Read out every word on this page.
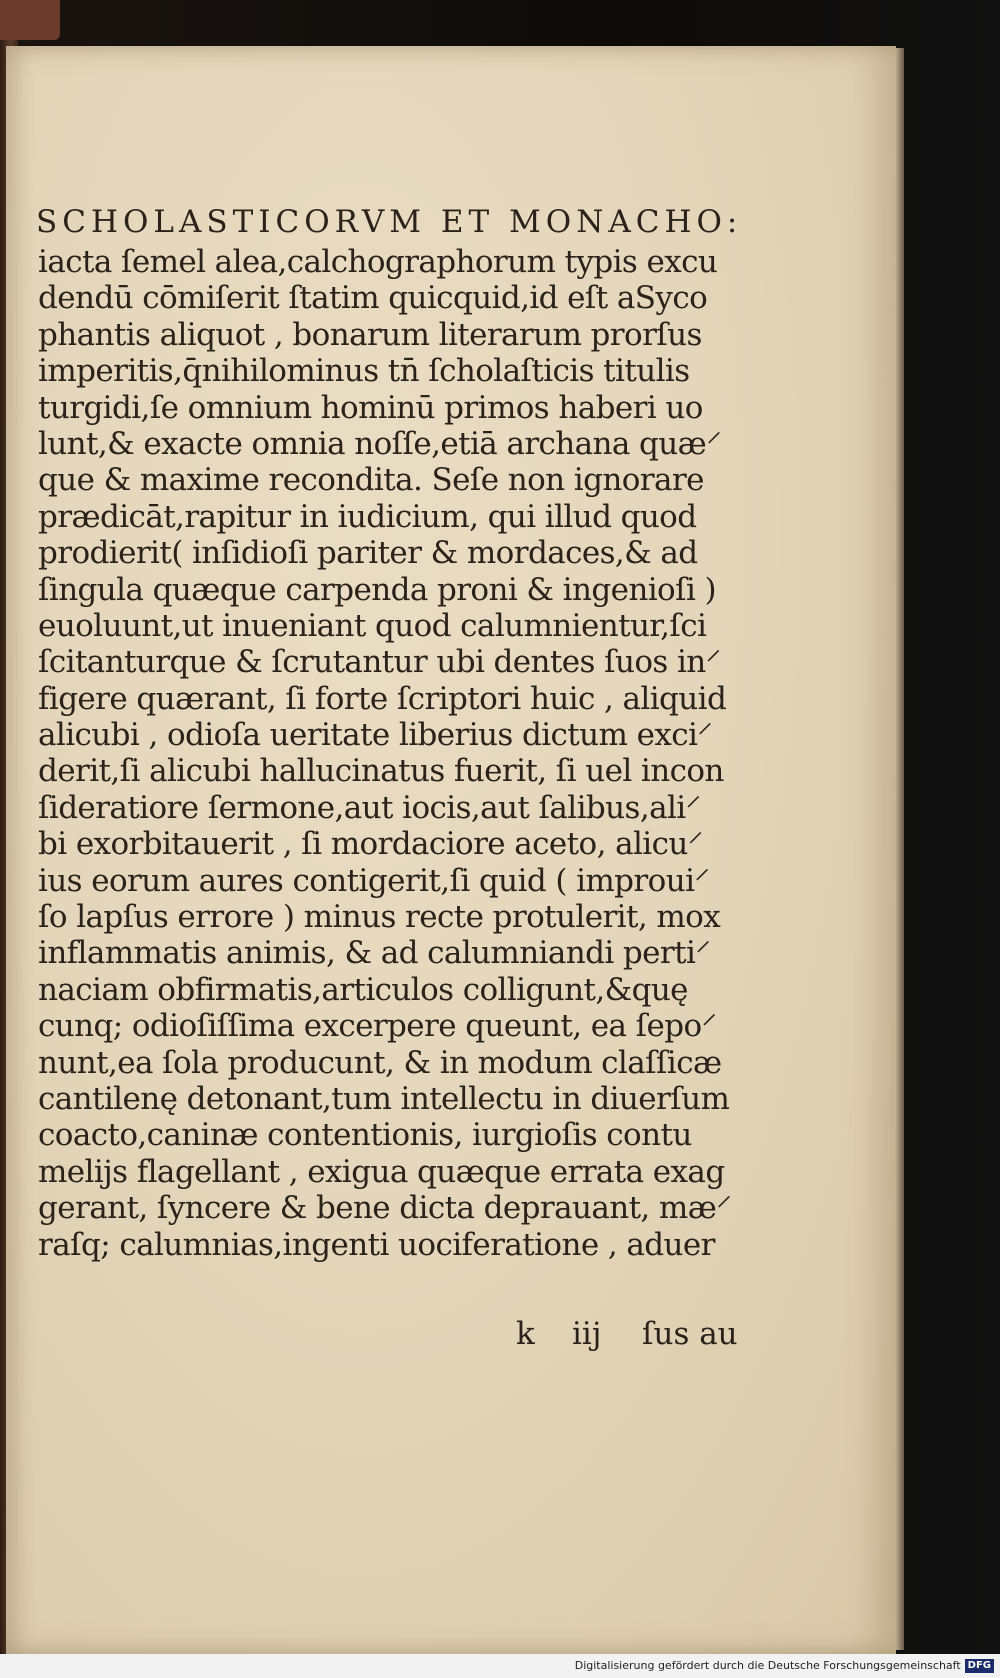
SCHOLASTICORVM ET MONACHO:
iacta ſemel alea,calchographorum typis excu
dendū cōmiſerit ſtatim quicquid,id eſt aSyco
phantis aliquot , bonarum literarum prorſus
imperitis,q̄nihilominus tn̄ ſcholaſticis titulis
turgidi,ſe omnium hominū primos haberi uo
lunt,& exacte omnia noſſe,etiā archana quæ⸍
que & maxime recondita. Seſe non ignorare
prædicāt,rapitur in iudicium, qui illud quod
prodierit( inſidioſi pariter & mordaces,& ad
ſingula quæque carpenda proni & ingenioſi )
euoluunt,ut inueniant quod calumnientur,ſci
ſcitanturque & ſcrutantur ubi dentes ſuos in⸍
figere quærant, ſi forte ſcriptori huic , aliquid
alicubi , odioſa ueritate liberius dictum exci⸍
derit,ſi alicubi hallucinatus fuerit, ſi uel incon
ſideratiore ſermone,aut iocis,aut ſalibus,ali⸍
bi exorbitauerit , ſi mordaciore aceto, alicu⸍
ius eorum aures contigerit,ſi quid ( improui⸍
ſo lapſus errore ) minus recte protulerit, mox
inflammatis animis, & ad calumniandi perti⸍
naciam obfirmatis,articulos colligunt,&quę
cunq; odioſiſſima excerpere queunt, ea ſepo⸍
nunt,ea ſola producunt, & in modum claſſicæ
cantilenę detonant,tum intellectu in diuerſum
coacto,caninæ contentionis, iurgioſis contu
melijs flagellant , exigua quæque errata exag
gerant, ſyncere & bene dicta deprauant, mæ⸍
raſq; calumnias,ingenti uociferatione , aduer
k iij ſus au
Digitalisierung gefördert durch die Deutsche Forschungsgemeinschaft DFG
